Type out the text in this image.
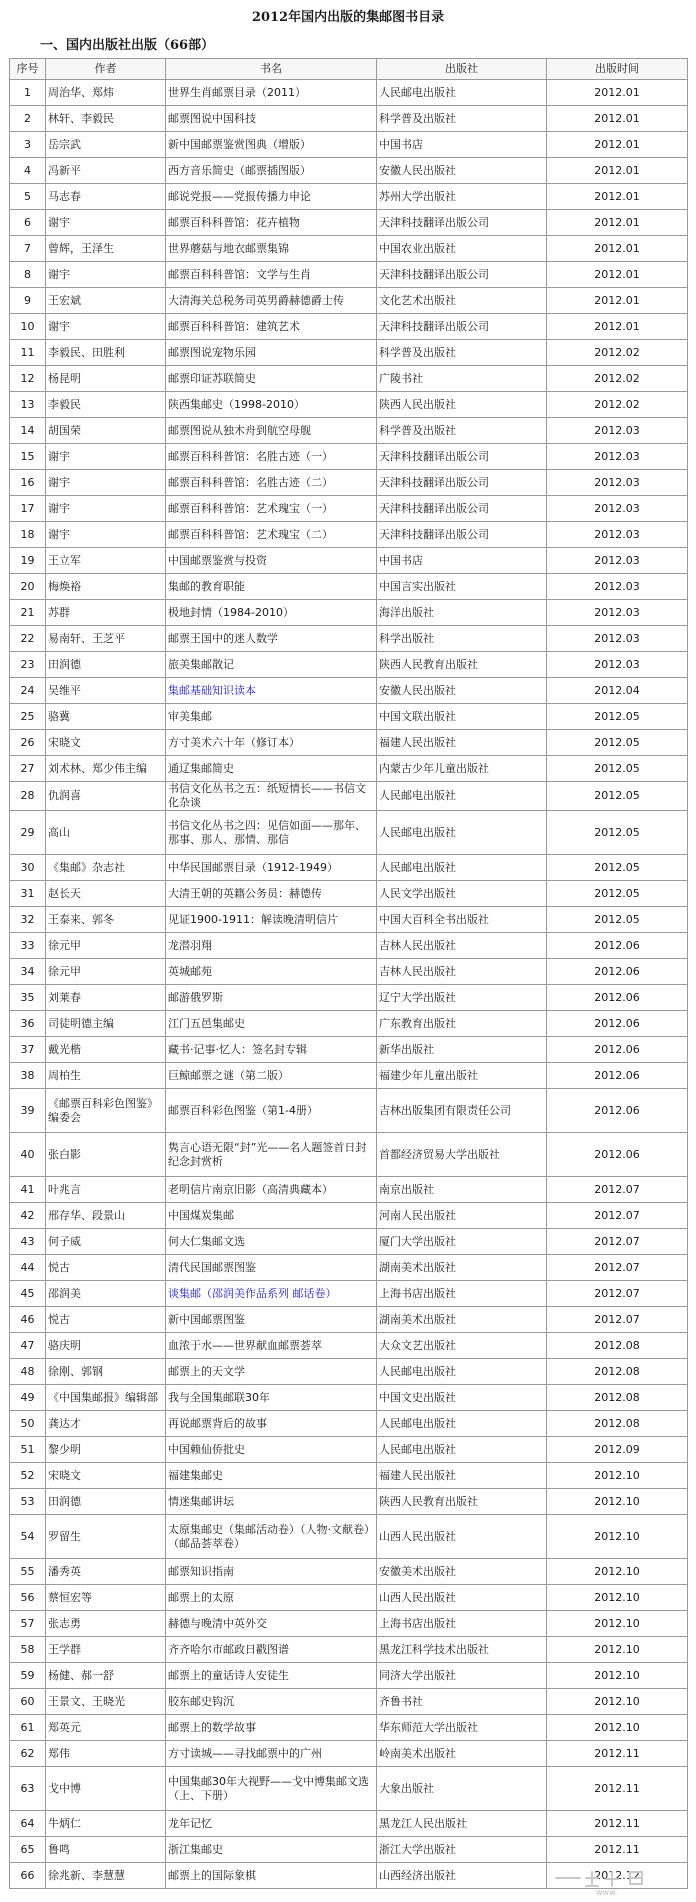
2012年国内出版的集邮图书目录
一、国内出版社出版（66部）
序号	作者	书名	出版社	出版时间
1	周治华、郑炜	世界生肖邮票目录（2011）	人民邮电出版社	2012.01
2	林轩、李毅民	邮票图说中国科技	科学普及出版社	2012.01
3	岳宗武	新中国邮票鉴赏图典（增版）	中国书店	2012.01
4	冯新平	西方音乐简史（邮票插图版）	安徽人民出版社	2012.01
5	马志春	邮说党报——党报传播力申论	苏州大学出版社	2012.01
6	谢宇	邮票百科科普馆：花卉植物	天津科技翻译出版公司	2012.01
7	曾辉，王泽生	世界蘑菇与地衣邮票集锦	中国农业出版社	2012.01
8	谢宇	邮票百科科普馆：文学与生肖	天津科技翻译出版公司	2012.01
9	王宏斌	大清海关总税务司英男爵赫德爵士传	文化艺术出版社	2012.01
10	谢宇	邮票百科科普馆：建筑艺术	天津科技翻译出版公司	2012.01
11	李毅民、田胜利	邮票图说宠物乐园	科学普及出版社	2012.02
12	杨昆明	邮票印证苏联简史	广陵书社	2012.02
13	李毅民	陕西集邮史（1998-2010）	陕西人民出版社	2012.02
14	胡国荣	邮票图说从独木舟到航空母舰	科学普及出版社	2012.03
15	谢宇	邮票百科科普馆：名胜古迹（一）	天津科技翻译出版公司	2012.03
16	谢宇	邮票百科科普馆：名胜古迹（二）	天津科技翻译出版公司	2012.03
17	谢宇	邮票百科科普馆：艺术瑰宝（一）	天津科技翻译出版公司	2012.03
18	谢宇	邮票百科科普馆：艺术瑰宝（二）	天津科技翻译出版公司	2012.03
19	王立军	中国邮票鉴赏与投资	中国书店	2012.03
20	梅焕裕	集邮的教育职能	中国言实出版社	2012.03
21	苏群	极地封情（1984-2010）	海洋出版社	2012.03
22	易南轩、王芝平	邮票王国中的迷人数学	科学出版社	2012.03
23	田润德	旅美集邮散记	陕西人民教育出版社	2012.03
24	吴维平	集邮基础知识读本	安徽人民出版社	2012.04
25	骆冀	审美集邮	中国文联出版社	2012.05
26	宋晓文	方寸美术六十年（修订本）	福建人民出版社	2012.05
27	刘术林、郑少伟主编	通辽集邮简史	内蒙古少年儿童出版社	2012.05
28	仇润喜	书信文化丛书之五：纸短情长——书信文化杂谈	人民邮电出版社	2012.05
29	高山	书信文化丛书之四：见信如面——那年、那事、那人、那情、那信	人民邮电出版社	2012.05
30	《集邮》杂志社	中华民国邮票目录（1912-1949）	人民邮电出版社	2012.05
31	赵长天	大清王朝的英籍公务员：赫德传	人民文学出版社	2012.05
32	王泰来、郭冬	见证1900-1911：解读晚清明信片	中国大百科全书出版社	2012.05
33	徐元甲	龙潜羽翔	吉林人民出版社	2012.06
34	徐元甲	英城邮苑	吉林人民出版社	2012.06
35	刘莱春	邮游俄罗斯	辽宁大学出版社	2012.06
36	司徒明德主编	江门五邑集邮史	广东教育出版社	2012.06
37	戴光楷	藏书·记事·忆人：签名封专辑	新华出版社	2012.06
38	周柏生	巨鲸邮票之谜（第二版）	福建少年儿童出版社	2012.06
39	《邮票百科彩色图鉴》编委会	邮票百科彩色图鉴（第1-4册）	吉林出版集团有限责任公司	2012.06
40	张白影	隽言心语无限“封”光——名人题签首日封纪念封赏析	首都经济贸易大学出版社	2012.06
41	叶兆言	老明信片南京旧影（高清典藏本）	南京出版社	2012.07
42	邢存华、段景山	中国煤炭集邮	河南人民出版社	2012.07
43	何子威	何大仁集邮文选	厦门大学出版社	2012.07
44	悦古	清代民国邮票图鉴	湖南美术出版社	2012.07
45	邵润美	谈集邮（邵润美作品系列 邮话卷）	上海书店出版社	2012.07
46	悦古	新中国邮票图鉴	湖南美术出版社	2012.07
47	骆庆明	血浓于水——世界献血邮票荟萃	大众文艺出版社	2012.08
48	徐刚、郭钢	邮票上的天文学	人民邮电出版社	2012.08
49	《中国集邮报》编辑部	我与全国集邮联30年	中国文史出版社	2012.08
50	龚达才	再说邮票背后的故事	人民邮电出版社	2012.08
51	黎少明	中国赖仙侨批史	人民邮电出版社	2012.09
52	宋晓文	福建集邮史	福建人民出版社	2012.10
53	田润德	情迷集邮讲坛	陕西人民教育出版社	2012.10
54	罗留生	太原集邮史（集邮活动卷）（人物·文献卷）（邮品荟萃卷）	山西人民出版社	2012.10
55	潘秀英	邮票知识指南	安徽美术出版社	2012.10
56	蔡恒宏等	邮票上的太原	山西人民出版社	2012.10
57	张志勇	赫德与晚清中英外交	上海书店出版社	2012.10
58	王学群	齐齐哈尔市邮政日戳图谱	黑龙江科学技术出版社	2012.10
59	杨健、郝一舒	邮票上的童话诗人安徒生	同济大学出版社	2012.10
60	王景文、王晓光	胶东邮史钩沉	齐鲁书社	2012.10
61	郑英元	邮票上的数学故事	华东师范大学出版社	2012.10
62	郑伟	方寸读城——寻找邮票中的广州	岭南美术出版社	2012.11
63	戈中博	中国集邮30年大视野——戈中博集邮文选（上、下册）	大象出版社	2012.11
64	牛炳仁	龙年记忆	黑龙江人民出版社	2012.11
65	鲁鸣	浙江集邮史	浙江大学出版社	2012.11
66	徐兆新、李慧慧	邮票上的国际象棋	山西经济出版社	2012.12
www.
